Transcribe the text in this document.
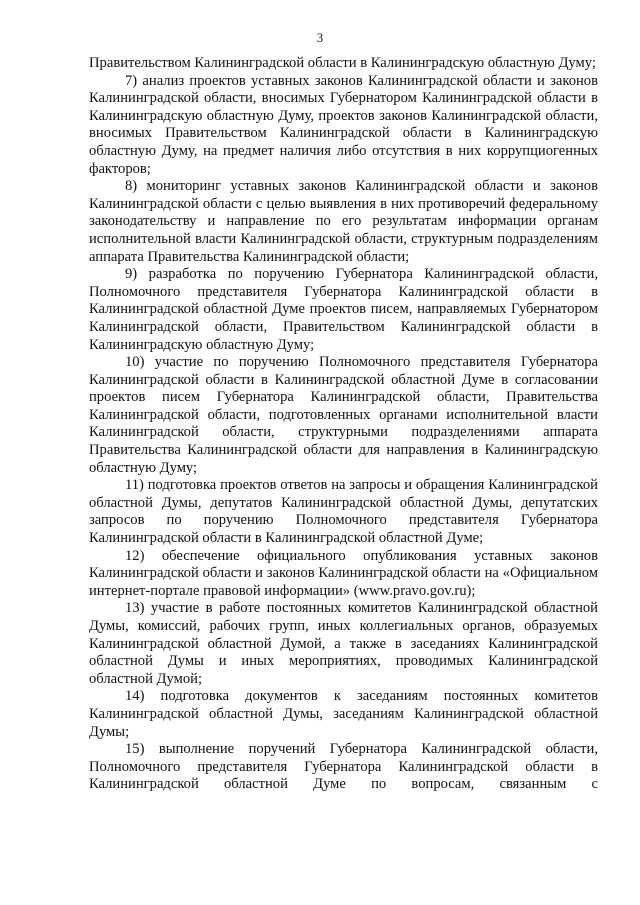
3

Правительством Калининградской области в Калининградскую областную Думу;

7) анализ проектов уставных законов Калининградской области и законов Калининградской области, вносимых Губернатором Калининградской области в Калининградскую областную Думу, проектов законов Калининградской области, вносимых Правительством Калининградской области в Калининградскую областную Думу, на предмет наличия либо отсутствия в них коррупциогенных факторов;

8) мониторинг уставных законов Калининградской области и законов Калининградской области с целью выявления в них противоречий федеральному законодательству и направление по его результатам информации органам исполнительной власти Калининградской области, структурным подразделениям аппарата Правительства Калининградской области;

9) разработка по поручению Губернатора Калининградской области, Полномочного представителя Губернатора Калининградской области в Калининградской областной Думе проектов писем, направляемых Губернатором Калининградской области, Правительством Калининградской области в Калининградскую областную Думу;

10) участие по поручению Полномочного представителя Губернатора Калининградской области в Калининградской областной Думе в согласовании проектов писем Губернатора Калининградской области, Правительства Калининградской области, подготовленных органами исполнительной власти Калининградской области, структурными подразделениями аппарата Правительства Калининградской области для направления в Калининградскую областную Думу;

11) подготовка проектов ответов на запросы и обращения Калининградской областной Думы, депутатов Калининградской областной Думы, депутатских запросов по поручению Полномочного представителя Губернатора Калининградской области в Калининградской областной Думе;

12) обеспечение официального опубликования уставных законов Калининградской области и законов Калининградской области на «Официальном интернет-портале правовой информации» (www.pravo.gov.ru);

13) участие в работе постоянных комитетов Калининградской областной Думы, комиссий, рабочих групп, иных коллегиальных органов, образуемых Калининградской областной Думой, а также в заседаниях Калининградской областной Думы и иных мероприятиях, проводимых Калининградской областной Думой;

14) подготовка документов к заседаниям постоянных комитетов Калининградской областной Думы, заседаниям Калининградской областной Думы;

15) выполнение поручений Губернатора Калининградской области, Полномочного представителя Губернатора Калининградской области в Калининградской областной Думе по вопросам, связанным с
